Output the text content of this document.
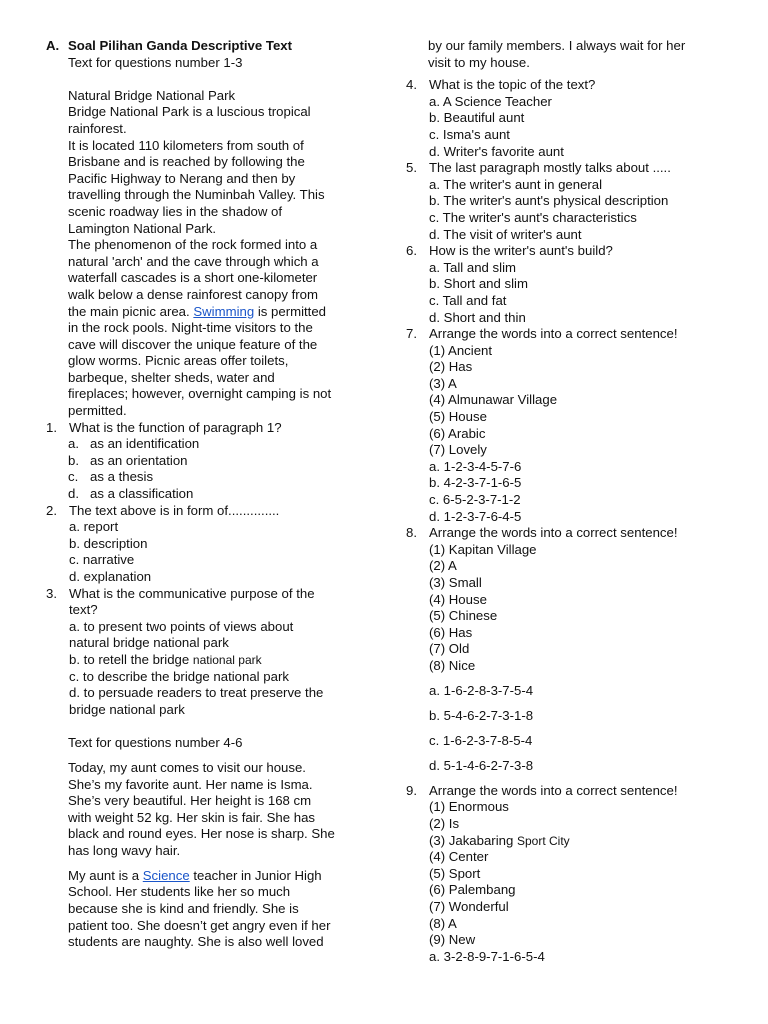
A. Soal Pilihan Ganda Descriptive Text
Text for questions number 1-3
Natural Bridge National Park
Bridge National Park is a luscious tropical
rainforest.
It is located 110 kilometers from south of
Brisbane and is reached by following the
Pacific Highway to Nerang and then by
travelling through the Numinbah Valley. This
scenic roadway lies in the shadow of
Lamington National Park.
The phenomenon of the rock formed into a
natural 'arch' and the cave through which a
waterfall cascades is a short one-kilometer
walk below a dense rainforest canopy from
the main picnic area. Swimming is permitted
in the rock pools. Night-time visitors to the
cave will discover the unique feature of the
glow worms. Picnic areas offer toilets,
barbeque, shelter sheds, water and
fireplaces; however, overnight camping is not
permitted.
1. What is the function of paragraph 1?
a. as an identification
b. as an orientation
c. as a thesis
d. as a classification
2. The text above is in form of..............
a. report
b. description
c. narrative
d. explanation
3. What is the communicative purpose of the
text?
a. to present two points of views about
natural bridge national park
b. to retell the bridge national park
c. to describe the bridge national park
d. to persuade readers to treat preserve the
bridge national park
Text for questions number 4-6
Today, my aunt comes to visit our house.
She’s my favorite aunt. Her name is Isma.
She’s very beautiful. Her height is 168 cm
with weight 52 kg. Her skin is fair. She has
black and round eyes. Her nose is sharp. She
has long wavy hair.
My aunt is a Science teacher in Junior High
School. Her students like her so much
because she is kind and friendly. She is
patient too. She doesn’t get angry even if her
students are naughty. She is also well loved
by our family members. I always wait for her
visit to my house.
4. What is the topic of the text?
a. A Science Teacher
b. Beautiful aunt
c. Isma's aunt
d. Writer's favorite aunt
5. The last paragraph mostly talks about .....
a. The writer's aunt in general
b. The writer's aunt's physical description
c. The writer's aunt's characteristics
d. The visit of writer's aunt
6. How is the writer's aunt's build?
a. Tall and slim
b. Short and slim
c. Tall and fat
d. Short and thin
7. Arrange the words into a correct sentence!
(1) Ancient
(2) Has
(3) A
(4) Almunawar Village
(5) House
(6) Arabic
(7) Lovely
a. 1-2-3-4-5-7-6
b. 4-2-3-7-1-6-5
c. 6-5-2-3-7-1-2
d. 1-2-3-7-6-4-5
8. Arrange the words into a correct sentence!
(1) Kapitan Village
(2) A
(3) Small
(4) House
(5) Chinese
(6) Has
(7) Old
(8) Nice
a. 1-6-2-8-3-7-5-4
b. 5-4-6-2-7-3-1-8
c. 1-6-2-3-7-8-5-4
d. 5-1-4-6-2-7-3-8
9. Arrange the words into a correct sentence!
(1) Enormous
(2) Is
(3) Jakabaring Sport City
(4) Center
(5) Sport
(6) Palembang
(7) Wonderful
(8) A
(9) New
a. 3-2-8-9-7-1-6-5-4
